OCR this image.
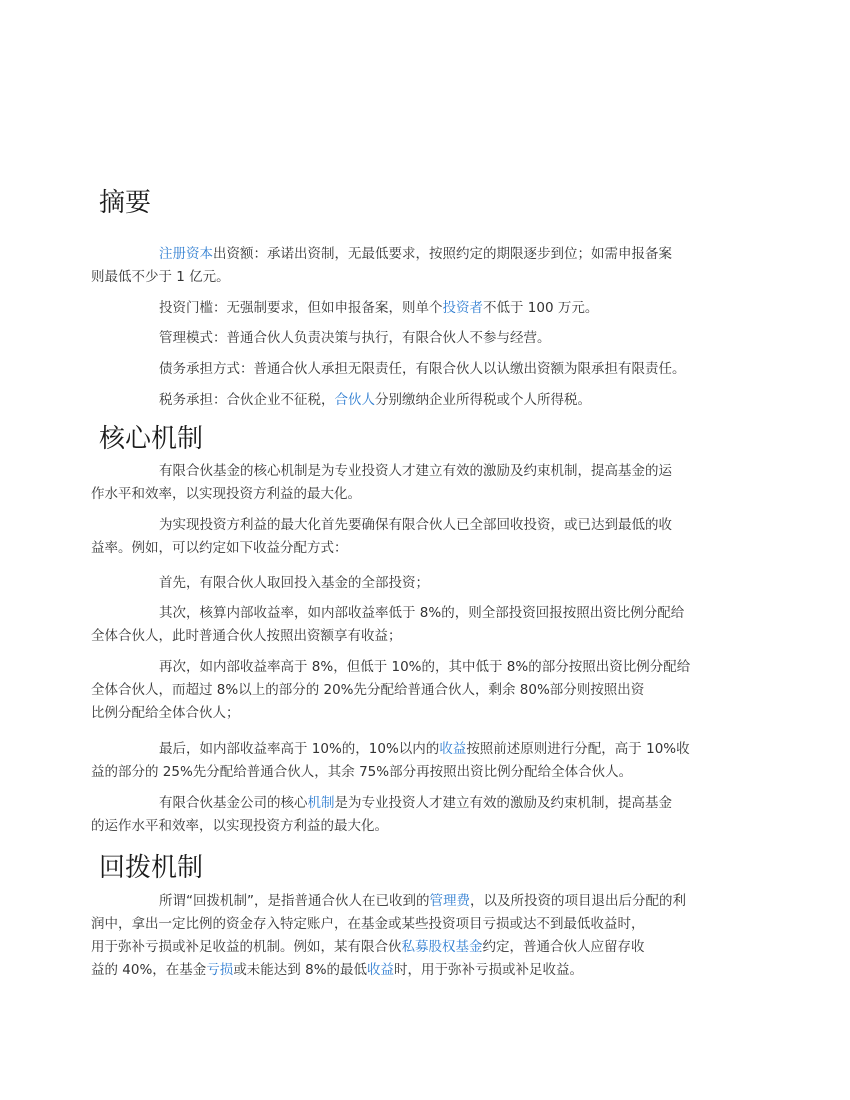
摘要

注册资本出资额：承诺出资制，无最低要求，按照约定的期限逐步到位；如需申报备案
则最低不少于 1 亿元。

投资门槛：无强制要求，但如申报备案，则单个投资者不低于 100 万元。

管理模式：普通合伙人负责决策与执行，有限合伙人不参与经营。

债务承担方式：普通合伙人承担无限责任，有限合伙人以认缴出资额为限承担有限责任。

税务承担：合伙企业不征税，合伙人分别缴纳企业所得税或个人所得税。

核心机制

有限合伙基金的核心机制是为专业投资人才建立有效的激励及约束机制，提高基金的运
作水平和效率，以实现投资方利益的最大化。

为实现投资方利益的最大化首先要确保有限合伙人已全部回收投资，或已达到最低的收
益率。例如，可以约定如下收益分配方式：

首先，有限合伙人取回投入基金的全部投资；

其次，核算内部收益率，如内部收益率低于 8%的，则全部投资回报按照出资比例分配给
全体合伙人，此时普通合伙人按照出资额享有收益；

再次，如内部收益率高于 8%，但低于 10%的，其中低于 8%的部分按照出资比例分配给
全体合伙人，而超过 8%以上的部分的 20%先分配给普通合伙人，剩余 80%部分则按照出资
比例分配给全体合伙人；

最后，如内部收益率高于 10%的，10%以内的收益按照前述原则进行分配，高于 10%收
益的部分的 25%先分配给普通合伙人，其余 75%部分再按照出资比例分配给全体合伙人。

有限合伙基金公司的核心机制是为专业投资人才建立有效的激励及约束机制，提高基金
的运作水平和效率，以实现投资方利益的最大化。

回拨机制

所谓“回拨机制”，是指普通合伙人在已收到的管理费，以及所投资的项目退出后分配的利
润中，拿出一定比例的资金存入特定账户，在基金或某些投资项目亏损或达不到最低收益时，
用于弥补亏损或补足收益的机制。例如，某有限合伙私募股权基金约定，普通合伙人应留存收
益的 40%，在基金亏损或未能达到 8%的最低收益时，用于弥补亏损或补足收益。
